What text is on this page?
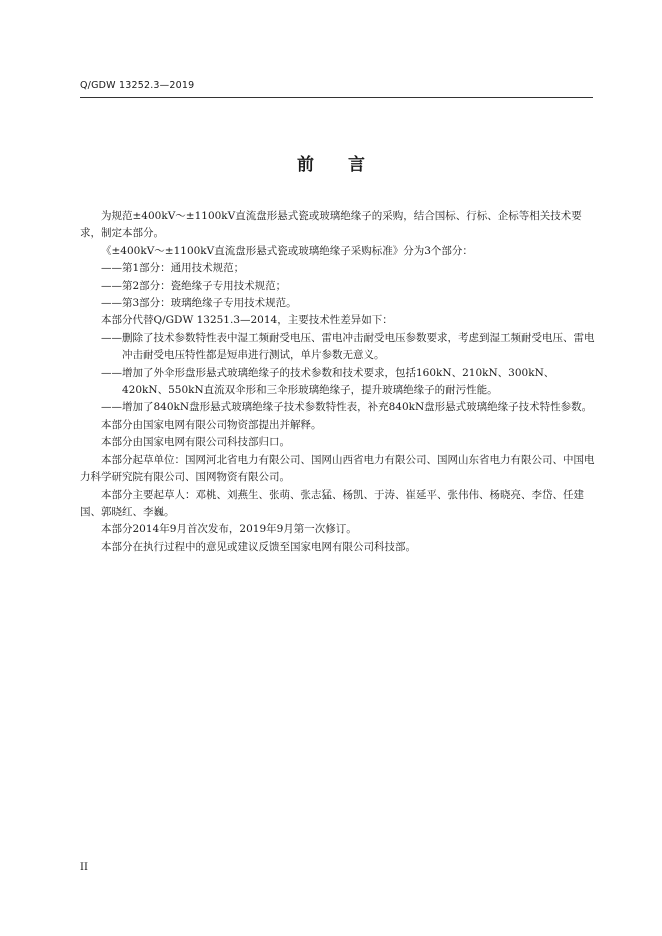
Q/GDW 13252.3—2019
前 言

为规范±400kV～±1100kV直流盘形悬式瓷或玻璃绝缘子的采购，结合国标、行标、企标等相关技术要求，制定本部分。

《±400kV～±1100kV直流盘形悬式瓷或玻璃绝缘子采购标准》分为3个部分：

——第1部分：通用技术规范；

——第2部分：瓷绝缘子专用技术规范；

——第3部分：玻璃绝缘子专用技术规范。

本部分代替Q/GDW 13251.3—2014，主要技术性差异如下：

——删除了技术参数特性表中湿工频耐受电压、雷电冲击耐受电压参数要求，考虑到湿工频耐受电压、雷电冲击耐受电压特性都是短串进行测试，单片参数无意义。

——增加了外伞形盘形悬式玻璃绝缘子的技术参数和技术要求，包括160kN、210kN、300kN、420kN、550kN直流双伞形和三伞形玻璃绝缘子，提升玻璃绝缘子的耐污性能。

——增加了840kN盘形悬式玻璃绝缘子技术参数特性表，补充840kN盘形悬式玻璃绝缘子技术特性参数。

本部分由国家电网有限公司物资部提出并解释。

本部分由国家电网有限公司科技部归口。

本部分起草单位：国网河北省电力有限公司、国网山西省电力有限公司、国网山东省电力有限公司、中国电力科学研究院有限公司、国网物资有限公司。

本部分主要起草人：邓桃、刘燕生、张萌、张志猛、杨凯、于涛、崔延平、张伟伟、杨晓亮、李岱、任建国、郭晓红、李巍。

本部分2014年9月首次发布，2019年9月第一次修订。

本部分在执行过程中的意见或建议反馈至国家电网有限公司科技部。

II
